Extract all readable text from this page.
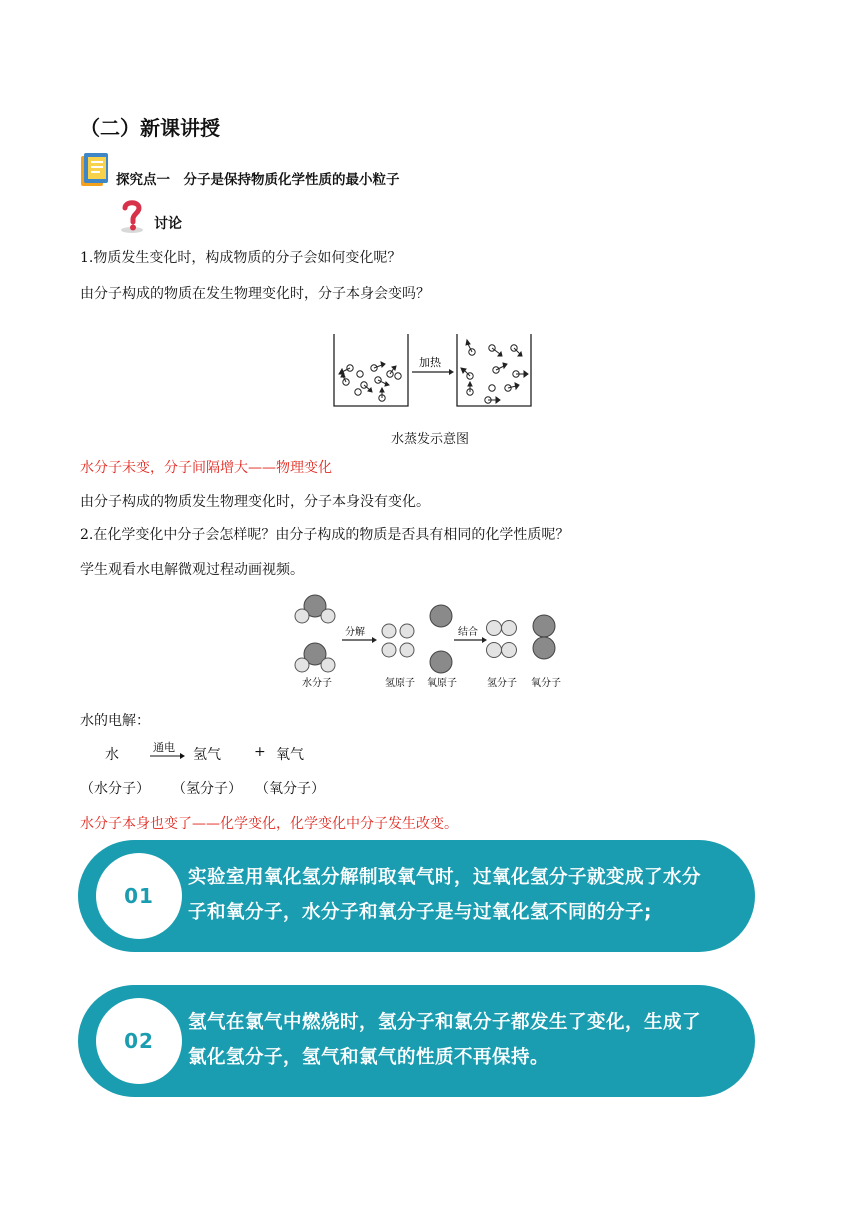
（二）新课讲授
探究点一　分子是保持物质化学性质的最小粒子
讨论
1.物质发生变化时，构成物质的分子会如何变化呢？
由分子构成的物质在发生物理变化时，分子本身会变吗？
加热
水蒸发示意图
水分子未变，分子间隔增大——物理变化
由分子构成的物质发生物理变化时，分子本身没有变化。
2.在化学变化中分子会怎样呢？由分子构成的物质是否具有相同的化学性质呢？
学生观看水电解微观过程动画视频。
分解	结合
水分子	氢原子 氧原子	氢分子 氧分子
水的电解：
水	通电 氢气 + 氧气
（水分子） （氢分子） （氧分子）
水分子本身也变了——化学变化，化学变化中分子发生改变。
01
实验室用氧化氢分解制取氧气时，过氧化氢分子就变成了水分
子和氧分子，水分子和氧分子是与过氧化氢不同的分子;
02
氢气在氯气中燃烧时，氢分子和氯分子都发生了变化，生成了
氯化氢分子，氢气和氯气的性质不再保持。
